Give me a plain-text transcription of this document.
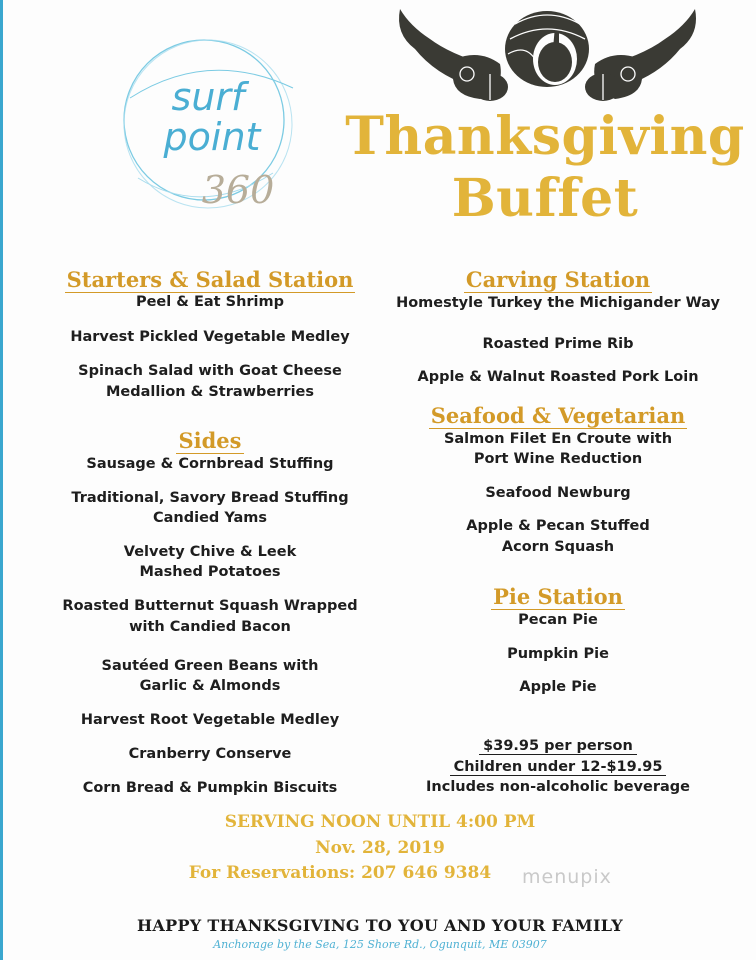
surf
point
360
Thanksgiving
Buffet
Starters & Salad Station
Peel & Eat Shrimp
Harvest Pickled Vegetable Medley
Spinach Salad with Goat Cheese
Medallion & Strawberries
Sides
Sausage & Cornbread Stuffing
Traditional, Savory Bread Stuffing
Candied Yams
Velvety Chive & Leek
Mashed Potatoes
Roasted Butternut Squash Wrapped
with Candied Bacon
Sautéed Green Beans with
Garlic & Almonds
Harvest Root Vegetable Medley
Cranberry Conserve
Corn Bread & Pumpkin Biscuits
Carving Station
Homestyle Turkey the Michigander Way
Roasted Prime Rib
Apple & Walnut Roasted Pork Loin
Seafood & Vegetarian
Salmon Filet En Croute with
Port Wine Reduction
Seafood Newburg
Apple & Pecan Stuffed
Acorn Squash
Pie Station
Pecan Pie
Pumpkin Pie
Apple Pie
$39.95 per person
Children under 12-$19.95
Includes non-alcoholic beverage
SERVING NOON UNTIL 4:00 PM
Nov. 28, 2019
For Reservations: 207 646 9384	menupix
HAPPY THANKSGIVING TO YOU AND YOUR FAMILY
Anchorage by the Sea, 125 Shore Rd., Ogunquit, ME 03907
